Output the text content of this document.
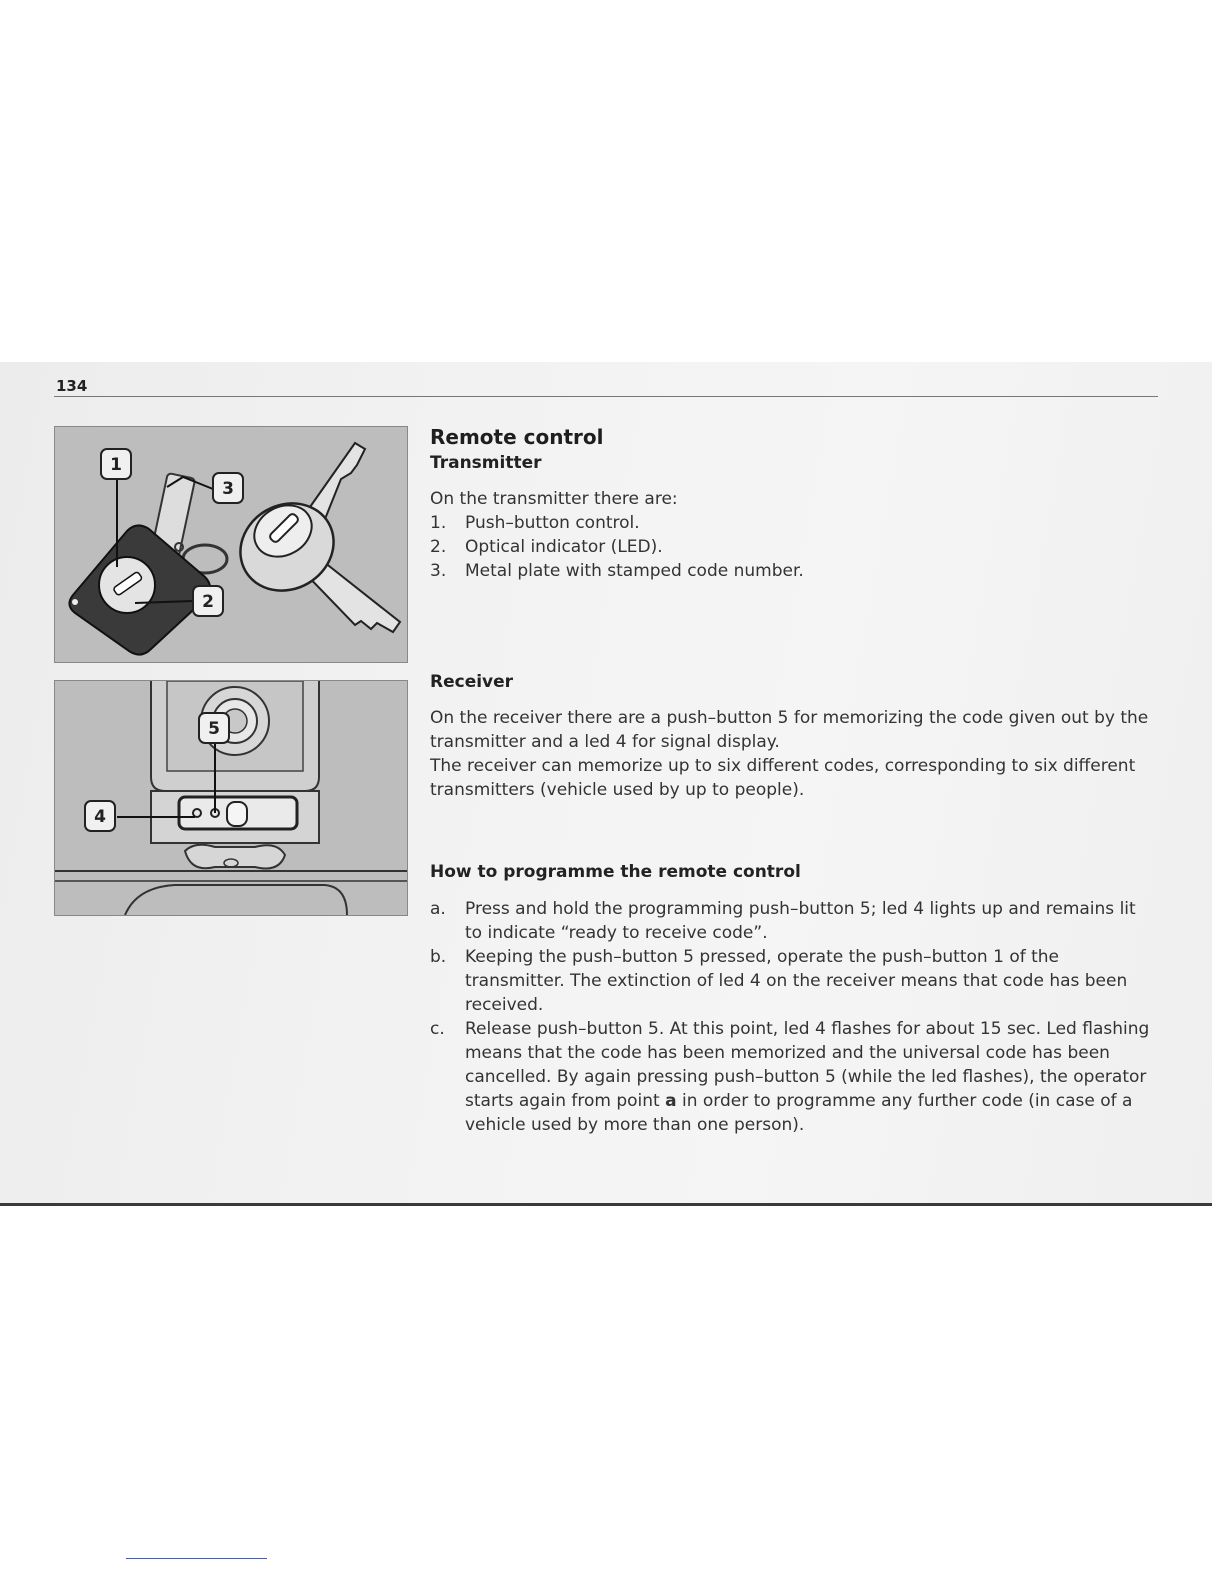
134
1
3
2
5
4
Remote control
Transmitter

On the transmitter there are:

1.	Push–button control.
2.	Optical indicator (LED).
3.	Metal plate with stamped code number.
Receiver

On the receiver there are a push–button 5 for memorizing the code given out by the transmitter and a led 4 for signal display.

The receiver can memorize up to six different codes, corresponding to six different transmitters (vehicle used by up to people).

How to programme the remote control
a.	Press and hold the programming push–button 5; led 4 lights up and remains lit to indicate “ready to receive code”.
b.	Keeping the push–button 5 pressed, operate the push–button 1 of the transmitter. The extinction of led 4 on the receiver means that code has been received.
c.	Release push–button 5. At this point, led 4 flashes for about 15 sec. Led flashing means that the code has been memorized and the universal code has been cancelled. By again pressing push–button 5 (while the led flashes), the operator starts again from point a in order to programme any further code (in case of a vehicle used by more than one person).
